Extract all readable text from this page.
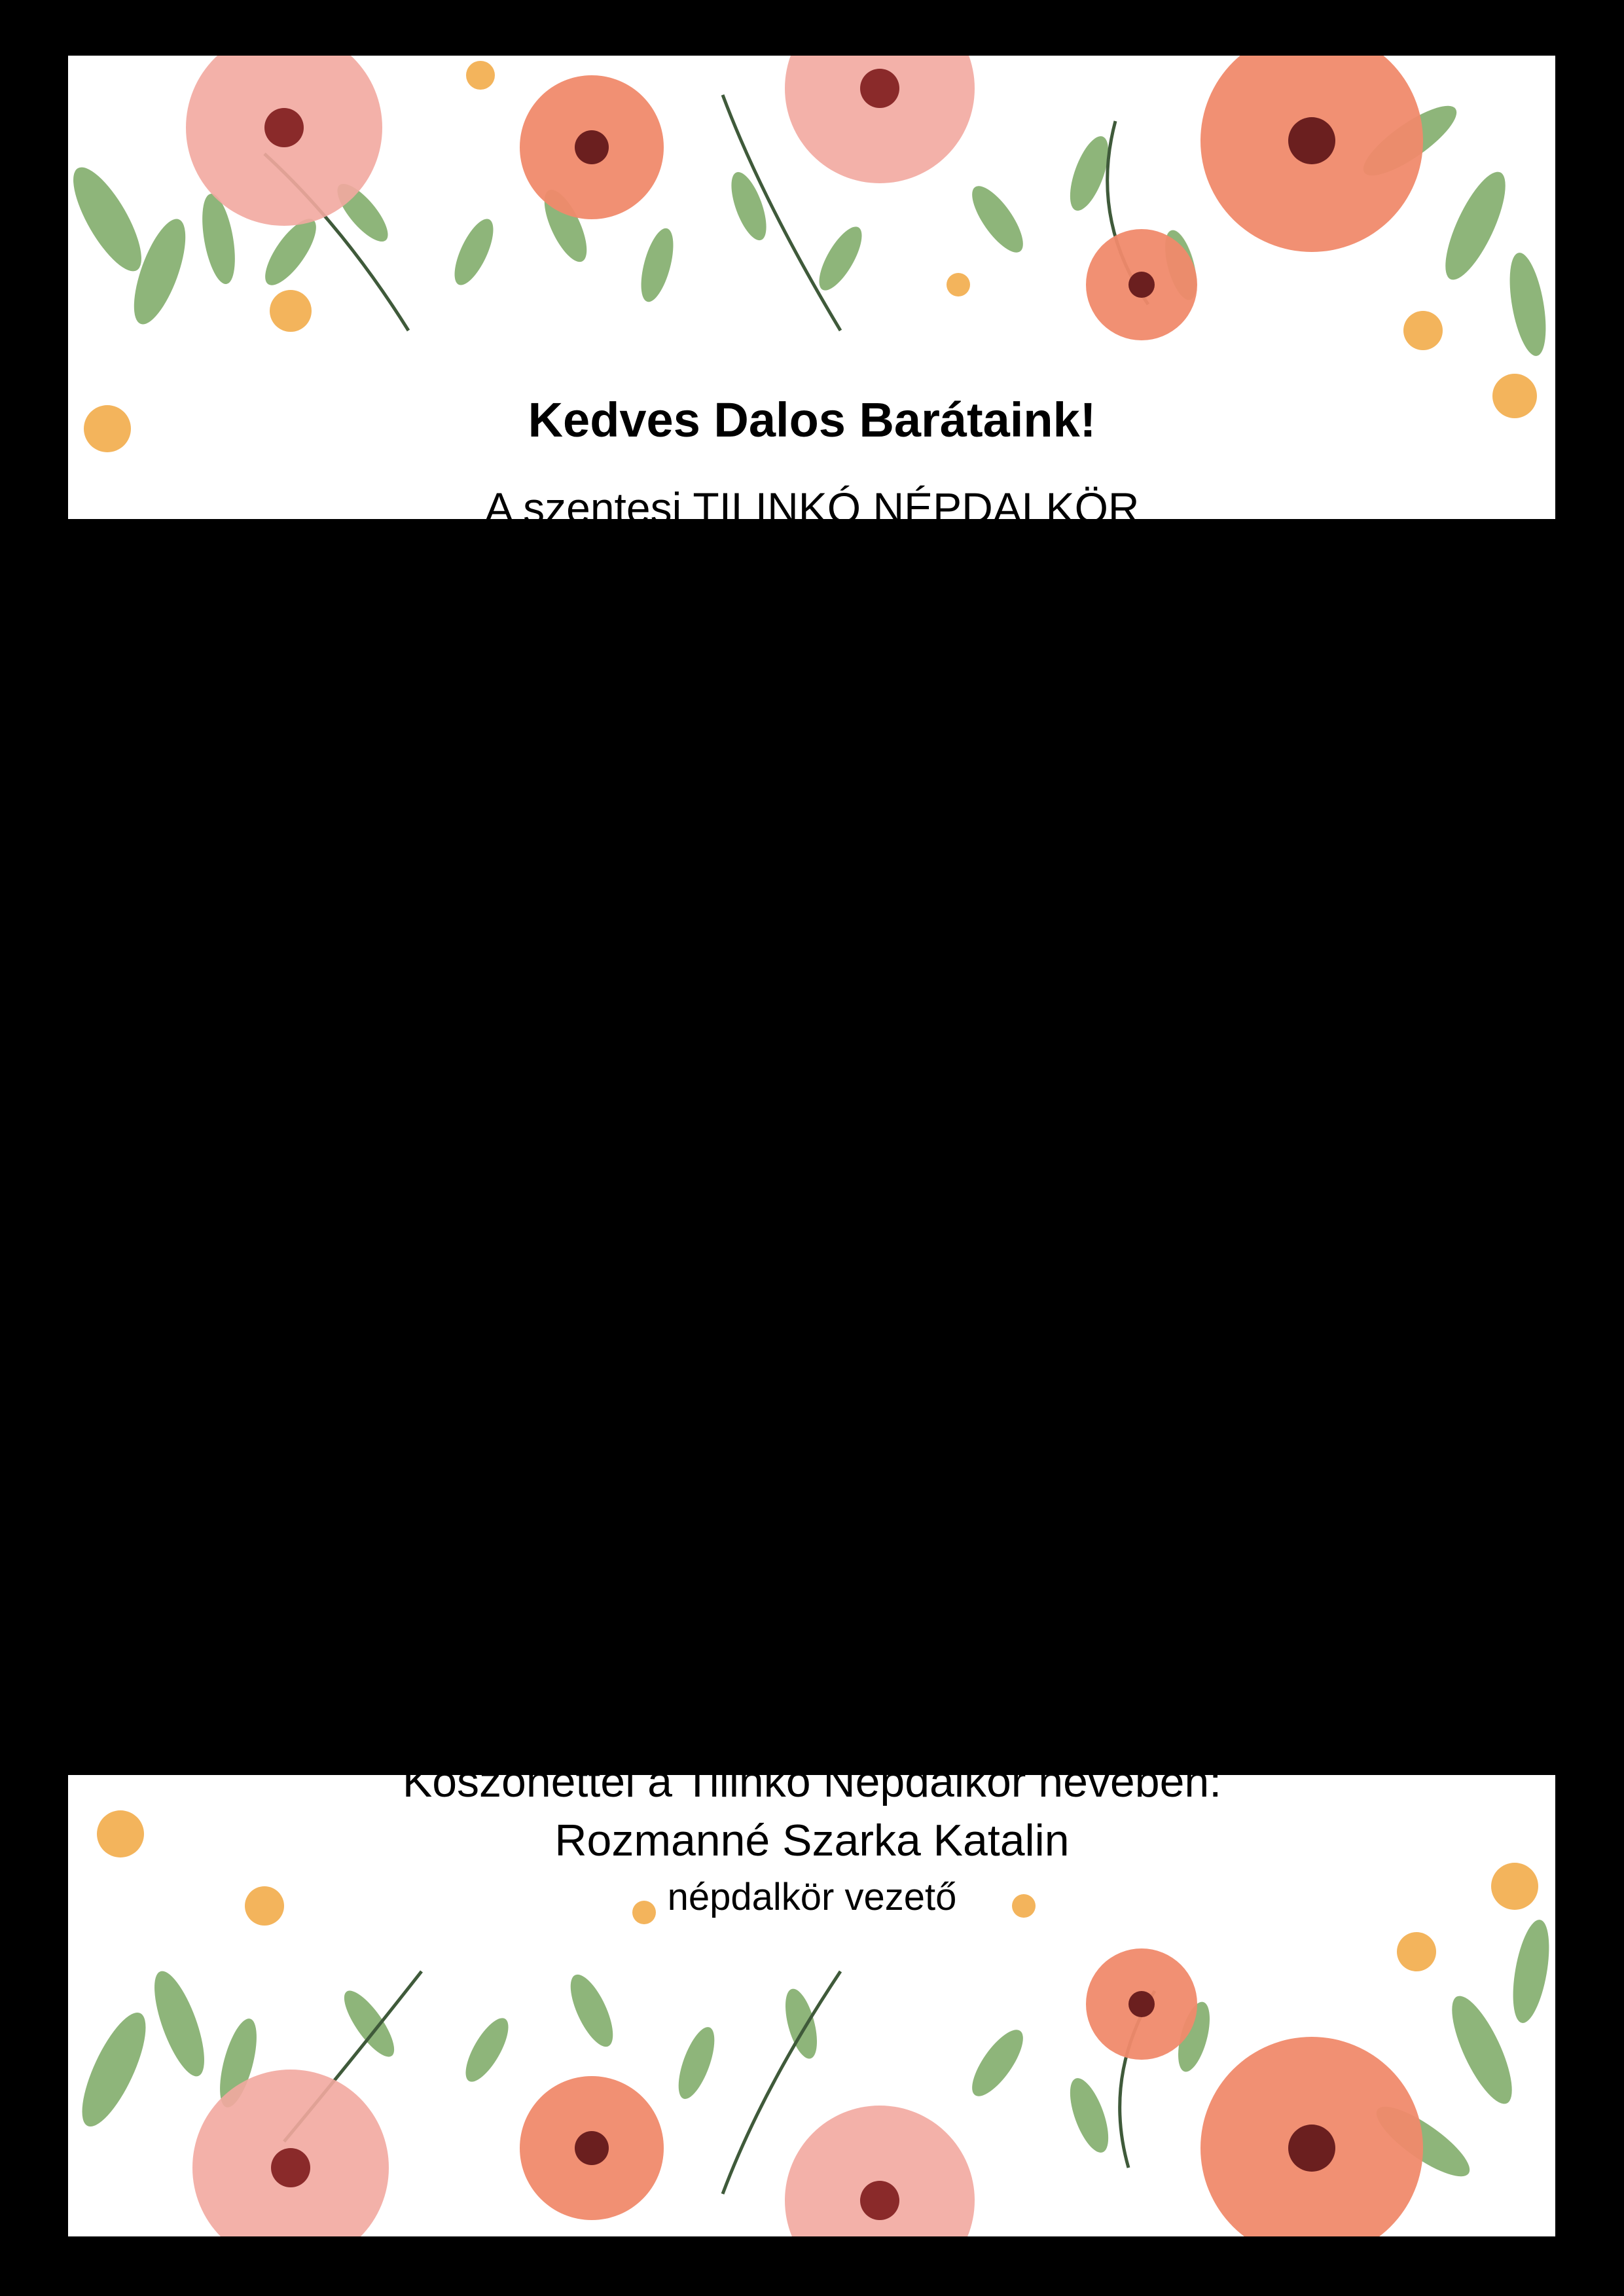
Kedves Dalos Barátaink!
A szentesi TILINKÓ NÉPDALKÖR
szeretettel meghívja Önt és családját
NÉPDALKÖR TALÁLKOZÓJÁRA,
amely
2025. március 29-én (szombat) 10 órai kezdettel
kerül megrendezésre
a Művelődési és Ifjúsági Házban
Szentes, Tóth József u. 10-14.
Fellépő népzenei csoportok:
➢ Repülj Páva Kör - Csongrád
➢ Bárdos János Népdalkör - Derekegyház
➢ Felgyői Dalárda
➢ Hagyományőrző és Nyugdíjas Egyesület- Kunszentmárton
➢ Murgács Kálmán Nóta Klub - Székkutas
➢ Tilinkó Népdalkör - Szentes
Közreműködnek:
➢ Nagy Ádám népzenész - Pusztaföldvár
➢ Jövőnkért Néptáncegyüttes - Szentes
Művészeti vezető: Bagi Ferenc
Köszönettel a Tilinkó Népdalkör nevében:
Rozmanné Szarka Katalin
népdalkör vezető
